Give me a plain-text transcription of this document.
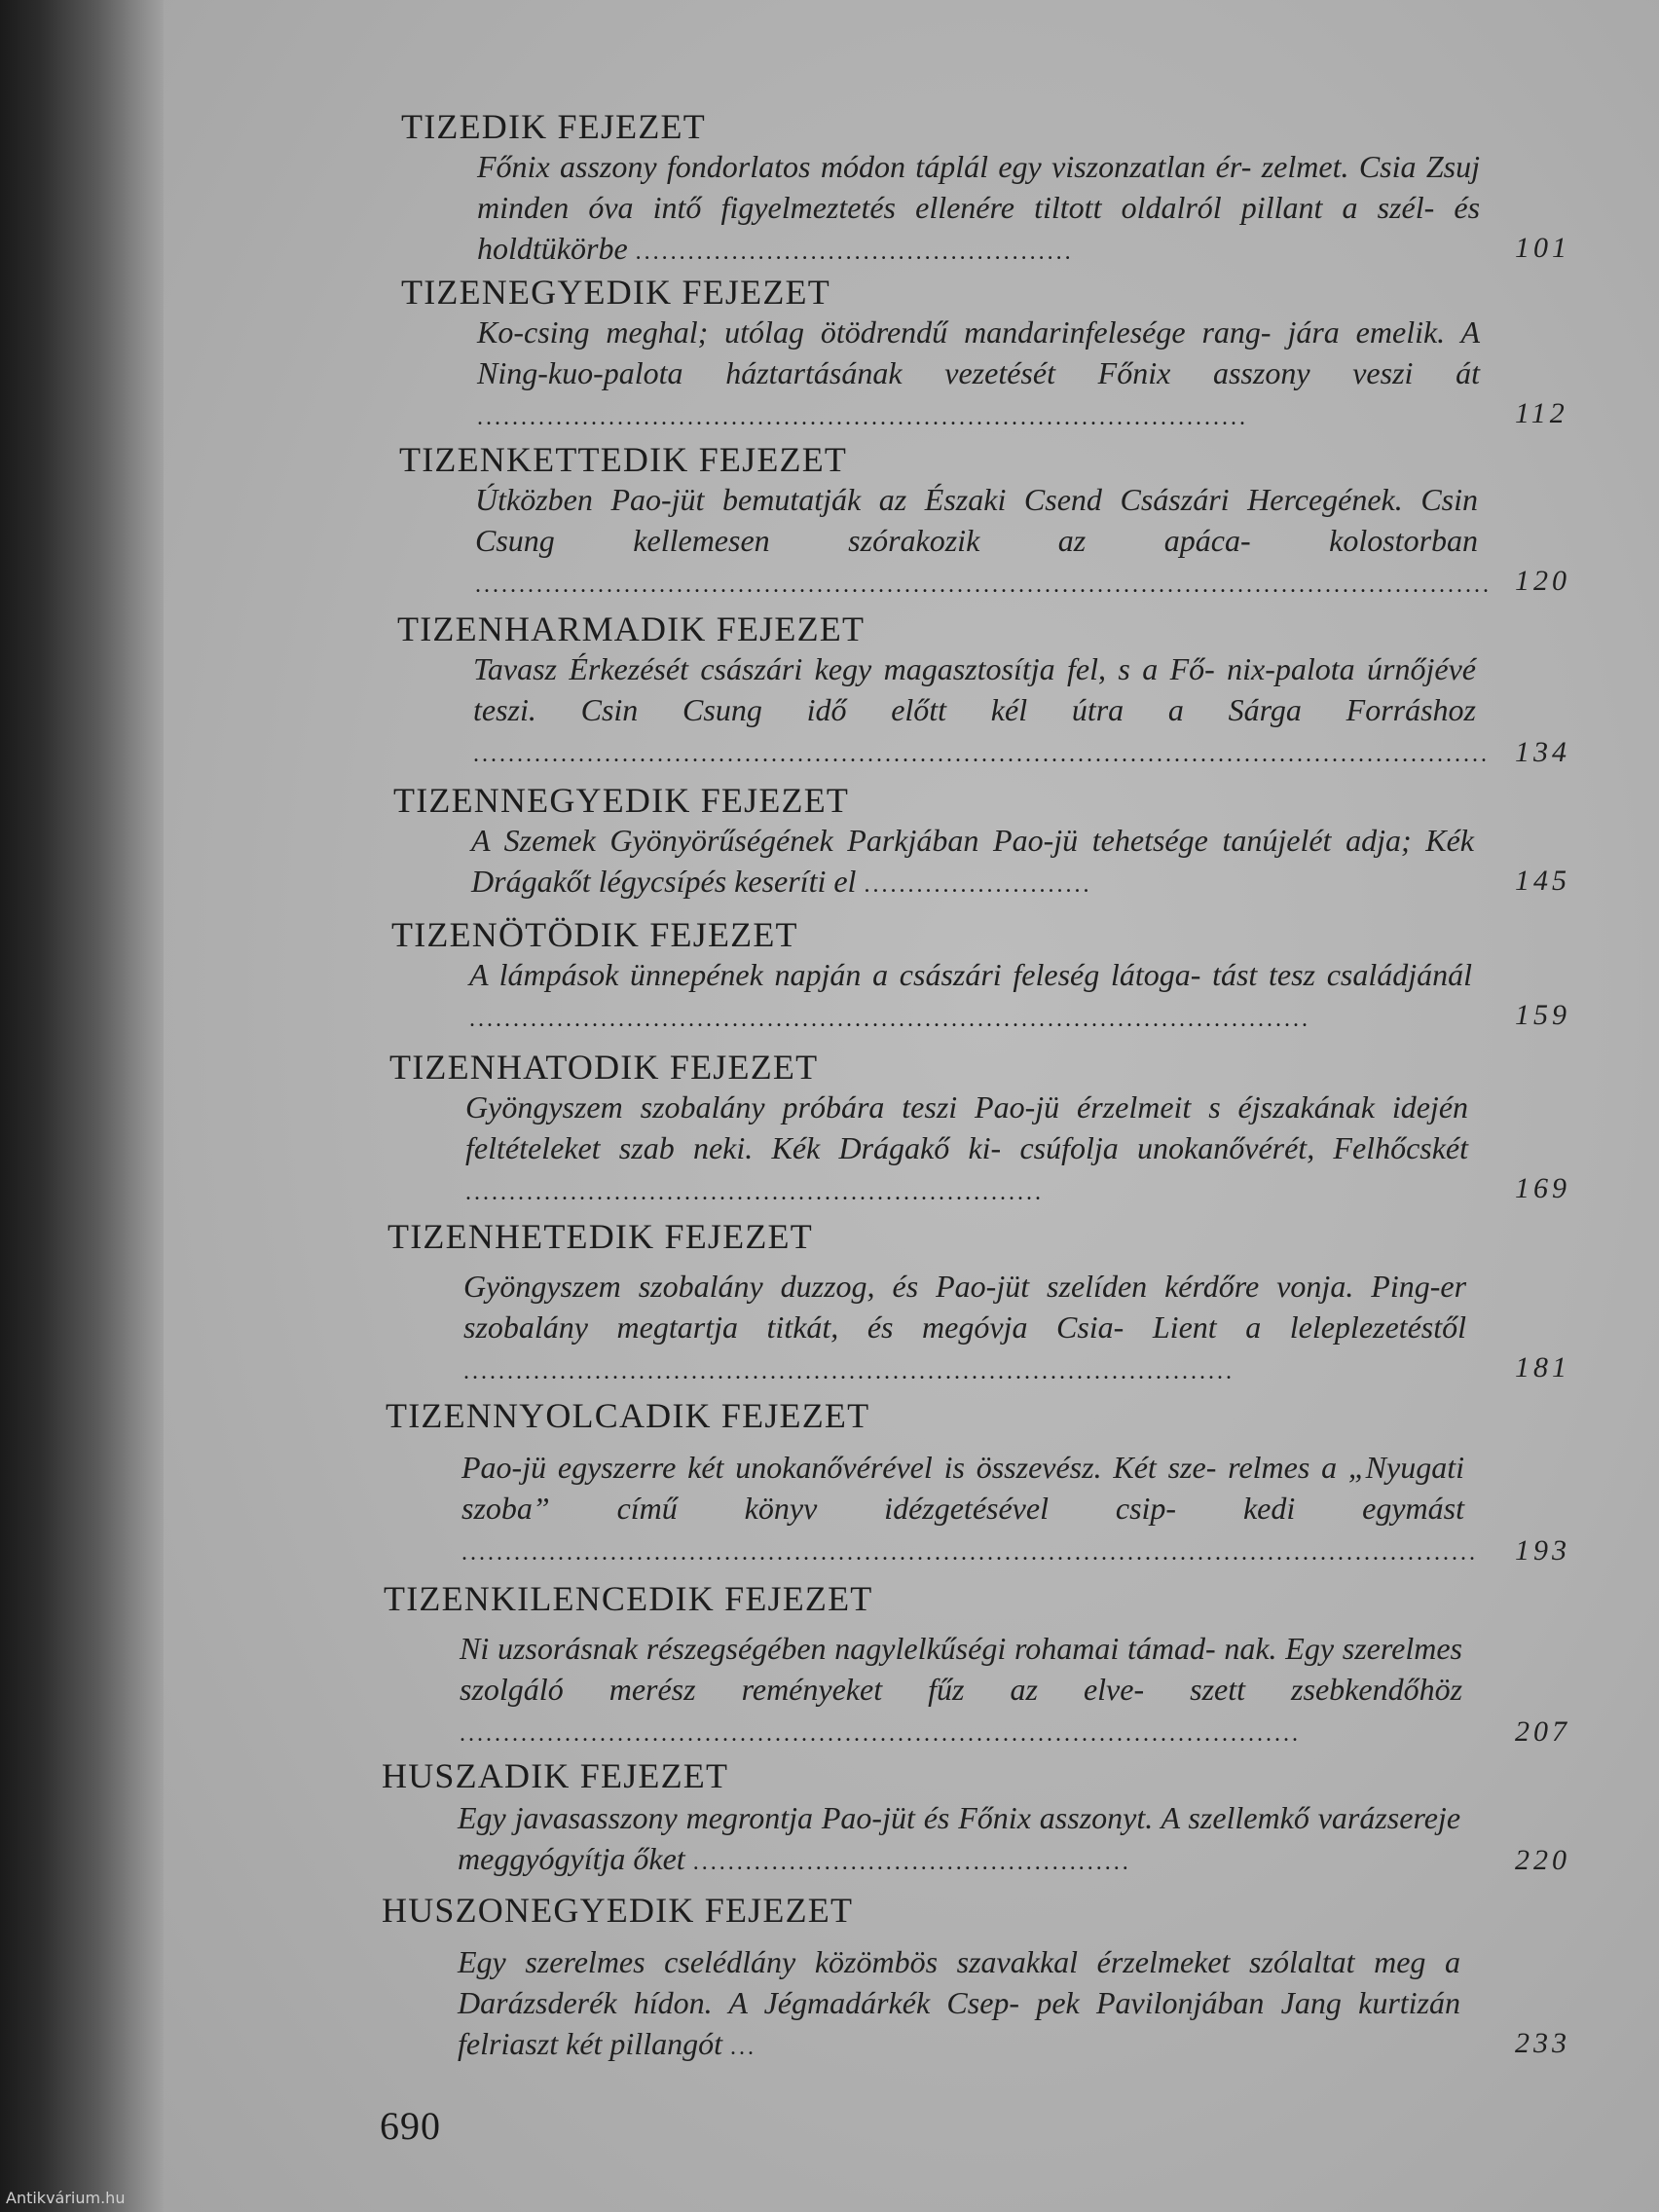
TIZEDIK FEJEZET
Főnix asszony fondorlatos módon táplál egy viszonzatlan ér- zelmet. Csia Zsuj minden óva intő figyelmeztetés ellenére tiltott oldalról pillant a szél- és holdtükörbe ..................................................	101
TIZENEGYEDIK FEJEZET
Ko-csing meghal; utólag ötödrendű mandarinfelesége rang- jára emelik. A Ning-kuo-palota háztartásának vezetését Főnix asszony veszi át ........................................................................................	112
TIZENKETTEDIK FEJEZET
Útközben Pao-jüt bemutatják az Északi Csend Császári Hercegének. Csin Csung kellemesen szórakozik az apáca-	kolostorban .................................................................................................................... 120
TIZENHARMADIK FEJEZET
Tavasz Érkezését császári kegy magasztosítja fel, s a Fő- nix-palota úrnőjévé teszi. Csin Csung idő előtt kél útra a Sárga Forráshoz .................................................................................................................... 134
TIZENNEGYEDIK FEJEZET
A Szemek Gyönyörűségének Parkjában Pao-jü tehetsége tanújelét adja; Kék Drágakőt légycsípés keseríti el ..........................	145
TIZENÖTÖDIK FEJEZET
A lámpások ünnepének napján a császári feleség látoga- tást tesz családjánál ................................................................................................	159
TIZENHATODIK FEJEZET
Gyöngyszem szobalány próbára teszi Pao-jü érzelmeit s éjszakának idején feltételeket szab neki. Kék Drágakő ki- csúfolja unokanővérét, Felhőcskét ..................................................................	169
TIZENHETEDIK FEJEZET
Gyöngyszem szobalány duzzog, és Pao-jüt szelíden kérdőre vonja. Ping-er szobalány megtartja titkát, és megóvja Csia- Lient a leleplezetéstől ........................................................................................	181
TIZENNYOLCADIK FEJEZET
Pao-jü egyszerre két unokanővérével is összevész. Két sze- relmes a „Nyugati szoba” című könyv idézgetésével csip- kedi egymást .................................................................................................................... 193
TIZENKILENCEDIK FEJEZET
Ni uzsorásnak részegségében nagylelkűségi rohamai támad- nak. Egy szerelmes szolgáló merész reményeket fűz az elve- szett zsebkendőhöz ................................................................................................	207
HUSZADIK FEJEZET
Egy javasasszony megrontja Pao-jüt és Főnix asszonyt. A szellemkő varázsereje meggyógyítja őket ..................................................	220
HUSZONEGYEDIK FEJEZET
Egy szerelmes cselédlány közömbös szavakkal érzelmeket szólaltat meg a Darázsderék hídon. A Jégmadárkék Csep- pek Pavilonjában Jang kurtizán felriaszt két pillangót ...	233
690
Antikvárium.hu
